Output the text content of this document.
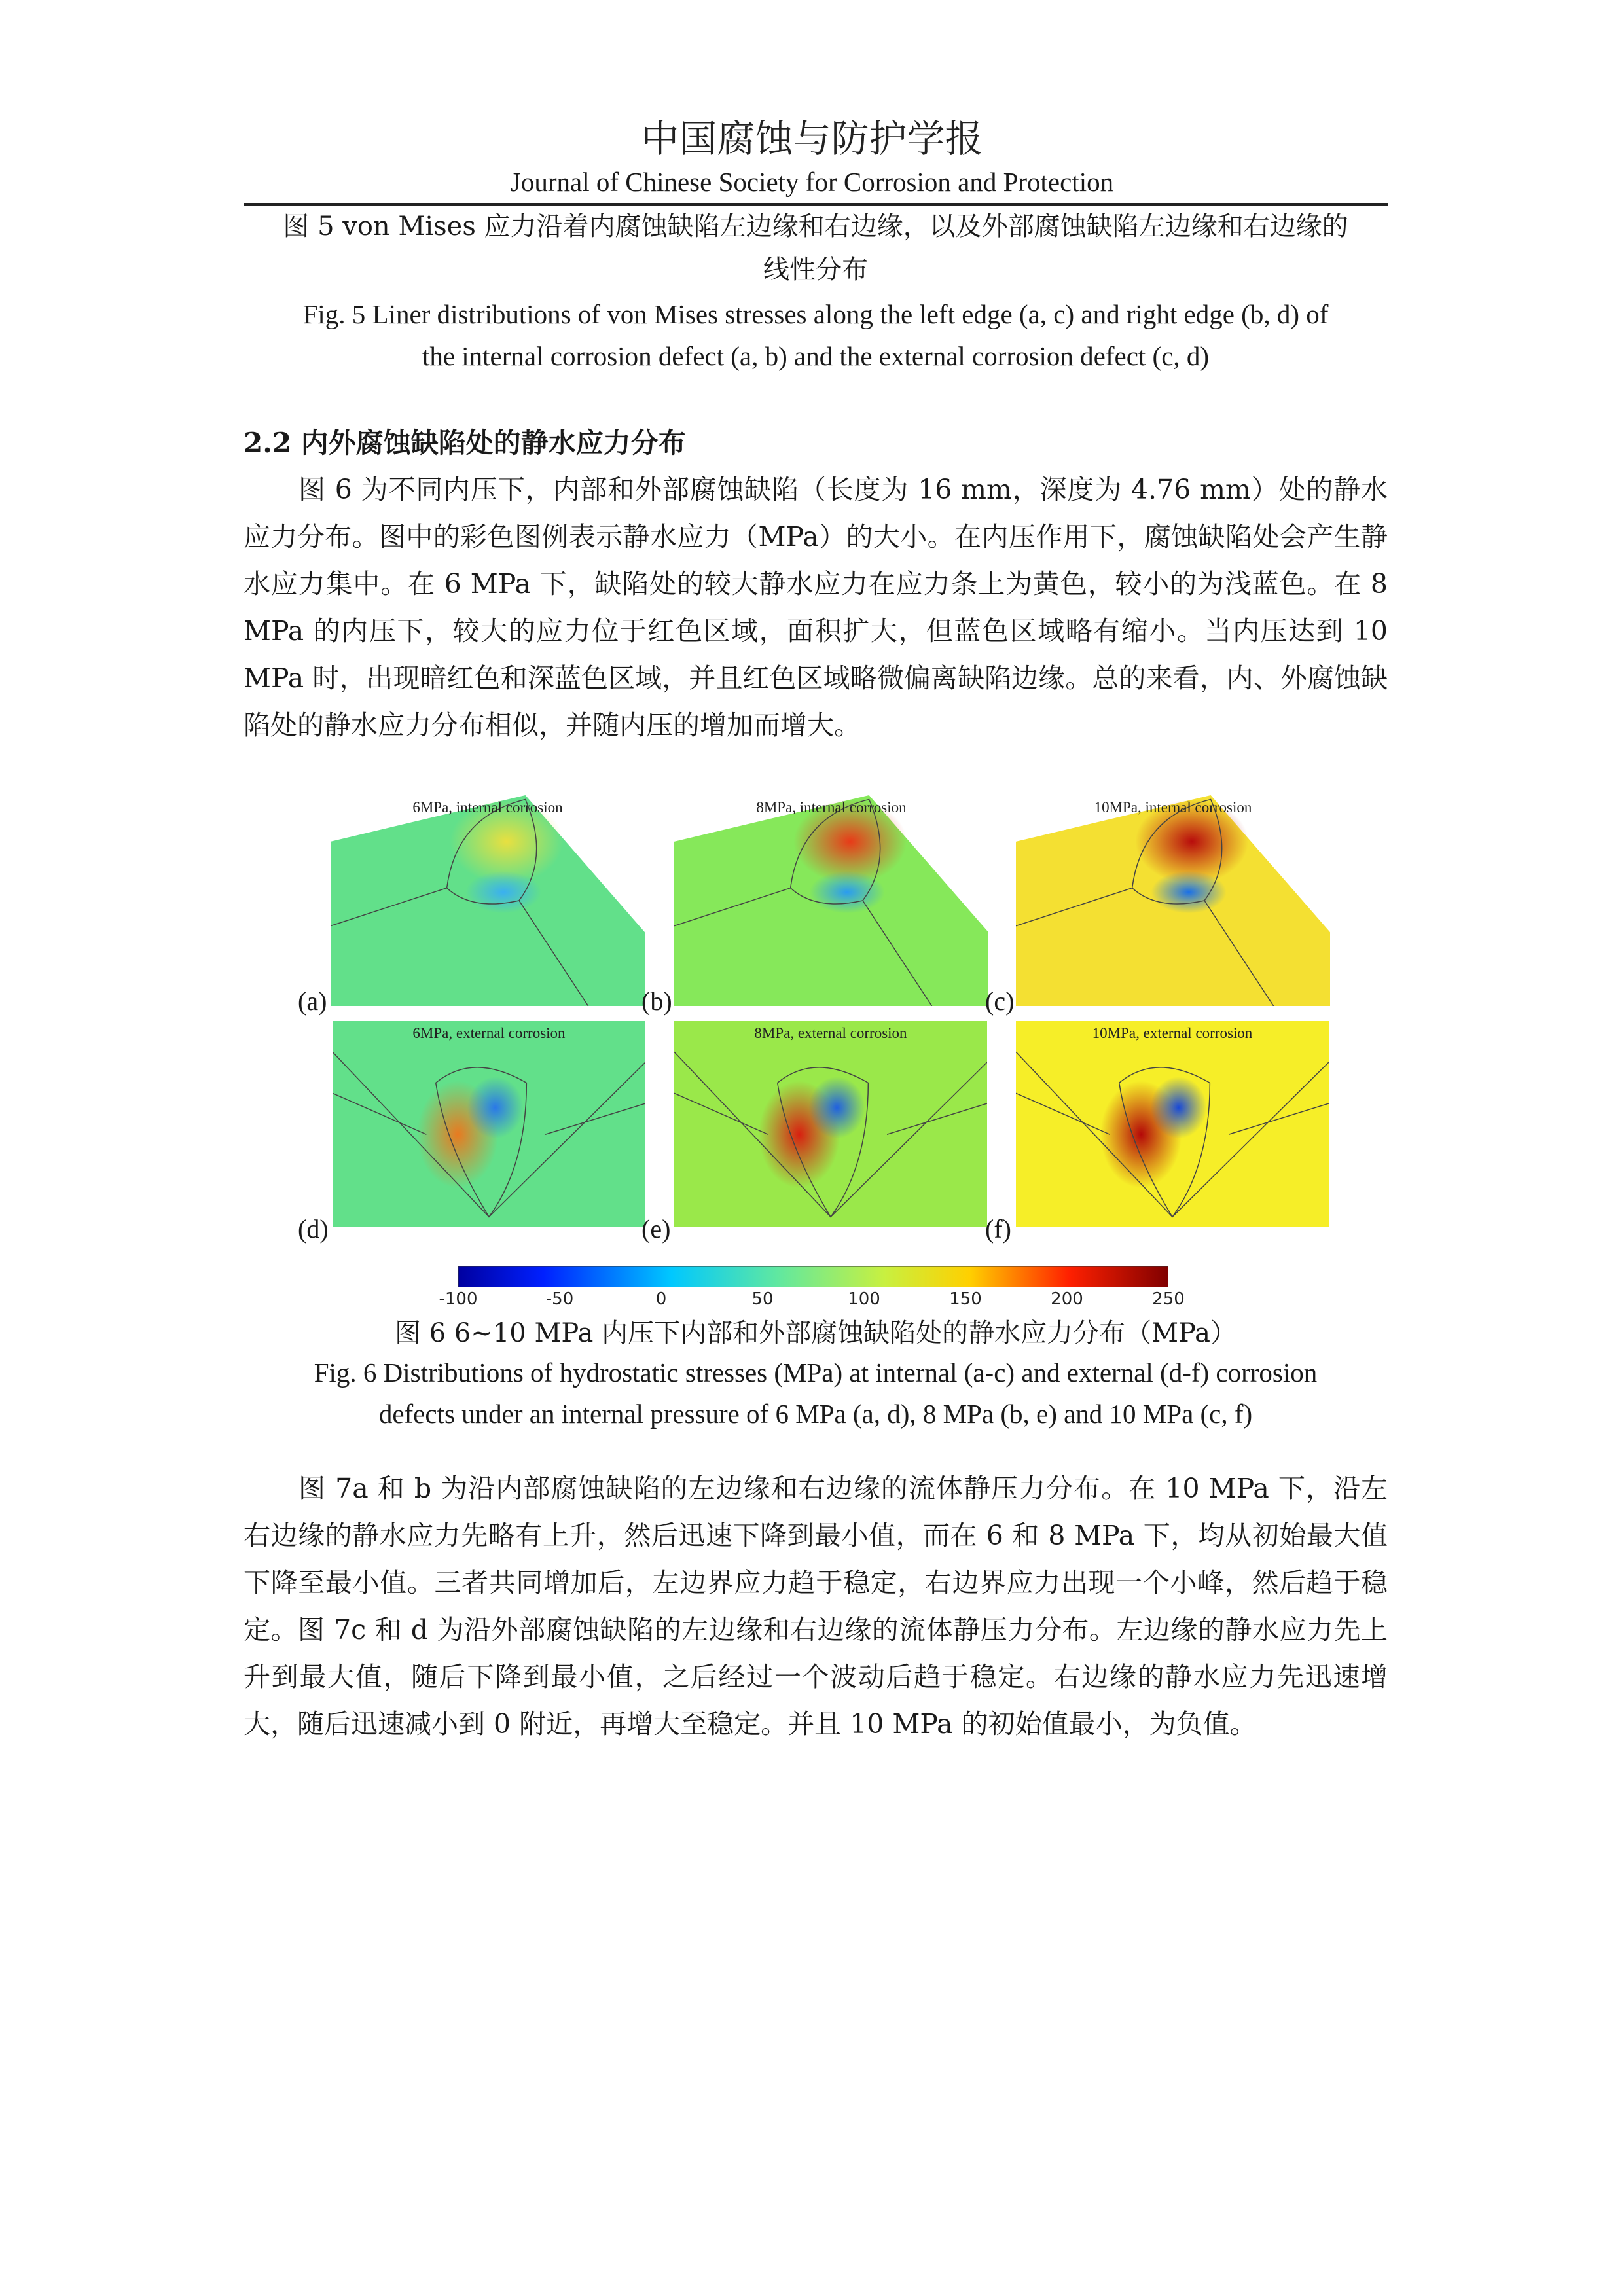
中国腐蚀与防护学报
Journal of Chinese Society for Corrosion and Protection
图 5 von Mises 应力沿着内腐蚀缺陷左边缘和右边缘，以及外部腐蚀缺陷左边缘和右边缘的
线性分布
Fig. 5 Liner distributions of von Mises stresses along the left edge (a, c) and right edge (b, d) of
the internal corrosion defect (a, b) and the external corrosion defect (c, d)
2.2 内外腐蚀缺陷处的静水应力分布
图 6 为不同内压下，内部和外部腐蚀缺陷（长度为 16 mm，深度为 4.76 mm）处的静水应力分布。图中的彩色图例表示静水应力（MPa）的大小。在内压作用下，腐蚀缺陷处会产生静水应力集中。在 6 MPa 下，缺陷处的较大静水应力在应力条上为黄色，较小的为浅蓝色。在 8 MPa 的内压下，较大的应力位于红色区域，面积扩大，但蓝色区域略有缩小。当内压达到 10 MPa 时，出现暗红色和深蓝色区域，并且红色区域略微偏离缺陷边缘。总的来看，内、外腐蚀缺陷处的静水应力分布相似，并随内压的增加而增大。
6MPa, internal corrosion
(a)
8MPa, internal corrosion
(b)
10MPa, internal corrosion
(c)
6MPa, external corrosion
(d)
8MPa, external corrosion
(e)
10MPa, external corrosion
(f)
-100	-50	0	50	100	150	200	250
图 6 6~10 MPa 内压下内部和外部腐蚀缺陷处的静水应力分布（MPa）
Fig. 6 Distributions of hydrostatic stresses (MPa) at internal (a-c) and external (d-f) corrosion
defects under an internal pressure of 6 MPa (a, d), 8 MPa (b, e) and 10 MPa (c, f)
图 7a 和 b 为沿内部腐蚀缺陷的左边缘和右边缘的流体静压力分布。在 10 MPa 下，沿左右边缘的静水应力先略有上升，然后迅速下降到最小值，而在 6 和 8 MPa 下，均从初始最大值下降至最小值。三者共同增加后，左边界应力趋于稳定，右边界应力出现一个小峰，然后趋于稳定。图 7c 和 d 为沿外部腐蚀缺陷的左边缘和右边缘的流体静压力分布。左边缘的静水应力先上升到最大值，随后下降到最小值，之后经过一个波动后趋于稳定。右边缘的静水应力先迅速增大，随后迅速减小到 0 附近，再增大至稳定。并且 10 MPa 的初始值最小，为负值。
